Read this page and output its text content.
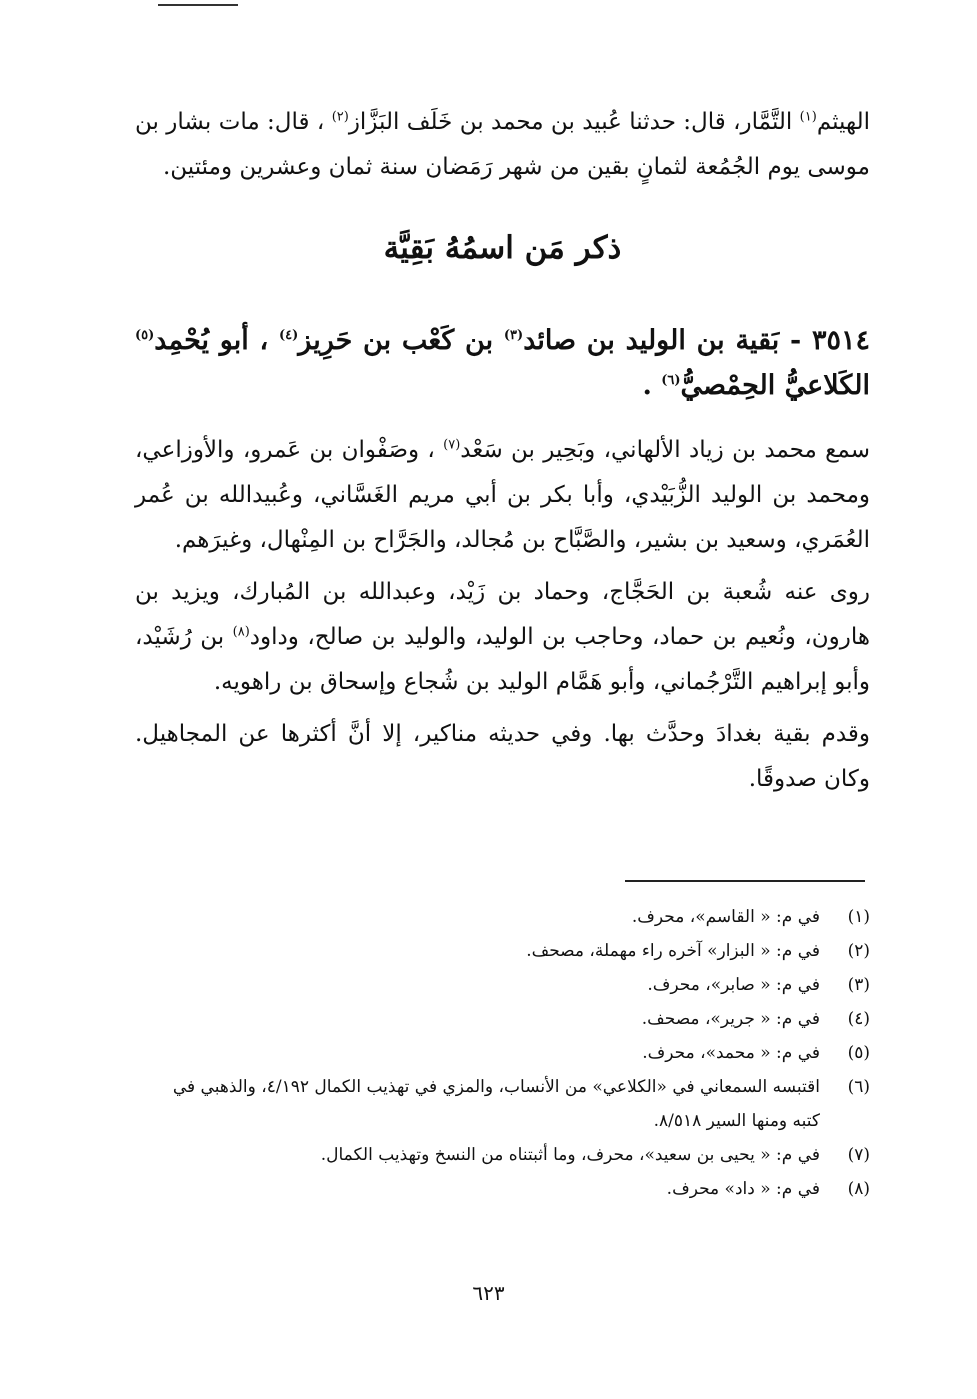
الهيثم$^{(١)}$ التَّمَّار، قال: حدثنا عُبيد بن محمد بن خَلَف البَزَّاز$^{(٢)}$ ، قال: مات بشار بن موسى يوم الجُمُعة لثمانٍ بقين من شهر رَمَضان سنة ثمان وعشرين ومئتين.

ذكر مَن اسمُهُ بَقِيَّة
٣٥١٤ - بَقية بن الوليد بن صائد$^{(٣)}$ بن كَعْب بن حَرِيز$^{(٤)}$ ، أبو يُحْمِد$^{(٥)}$ الكَلاعيُّ الحِمْصيُّ$^{(٦)}$ .

سمع محمد بن زياد الألهاني، وبَحِير بن سَعْد$^{(٧)}$ ، وصَفْوان بن عَمرو، والأوزاعي، ومحمد بن الوليد الزُّبَيْدي، وأبا بكر بن أبي مريم الغَسَّاني، وعُبيدالله بن عُمر العُمَري، وسعيد بن بشير، والصَّبَّاح بن مُجالد، والجَرَّاح بن المِنْهال، وغيرَهم.

روى عنه شُعبة بن الحَجَّاج، وحماد بن زَيْد، وعبدالله بن المُبارك، ويزيد بن هارون، ونُعيم بن حماد، وحاجب بن الوليد، والوليد بن صالح، وداود$^{(٨)}$ بن رُشَيْد، وأبو إبراهيم التَّرْجُماني، وأبو هَمَّام الوليد بن شُجاع وإسحاق بن راهويه.

وقدم بقية بغدادَ وحدَّث بها. وفي حديثه مناكير، إلا أنَّ أكثرها عن المجاهيل. وكان صدوقًا.

(١)
في م: « القاسم»، محرف.
(٢)
في م: « البزار» آخره راء مهملة، مصحف.
(٣)
في م: « صابر»، محرف.
(٤)
في م: « جرير»، مصحف.
(٥)
في م: « محمد»، محرف.
(٦)
اقتبسه السمعاني في «الكلاعي» من الأنساب، والمزي في تهذيب الكمال ٤/١٩٢، والذهبي في كتبه ومنها السير ٨/٥١٨.
(٧)
في م: « يحيى بن سعيد»، محرف، وما أثبتناه من النسخ وتهذيب الكمال.
(٨)
في م: « داد» محرف.
٦٢٣
